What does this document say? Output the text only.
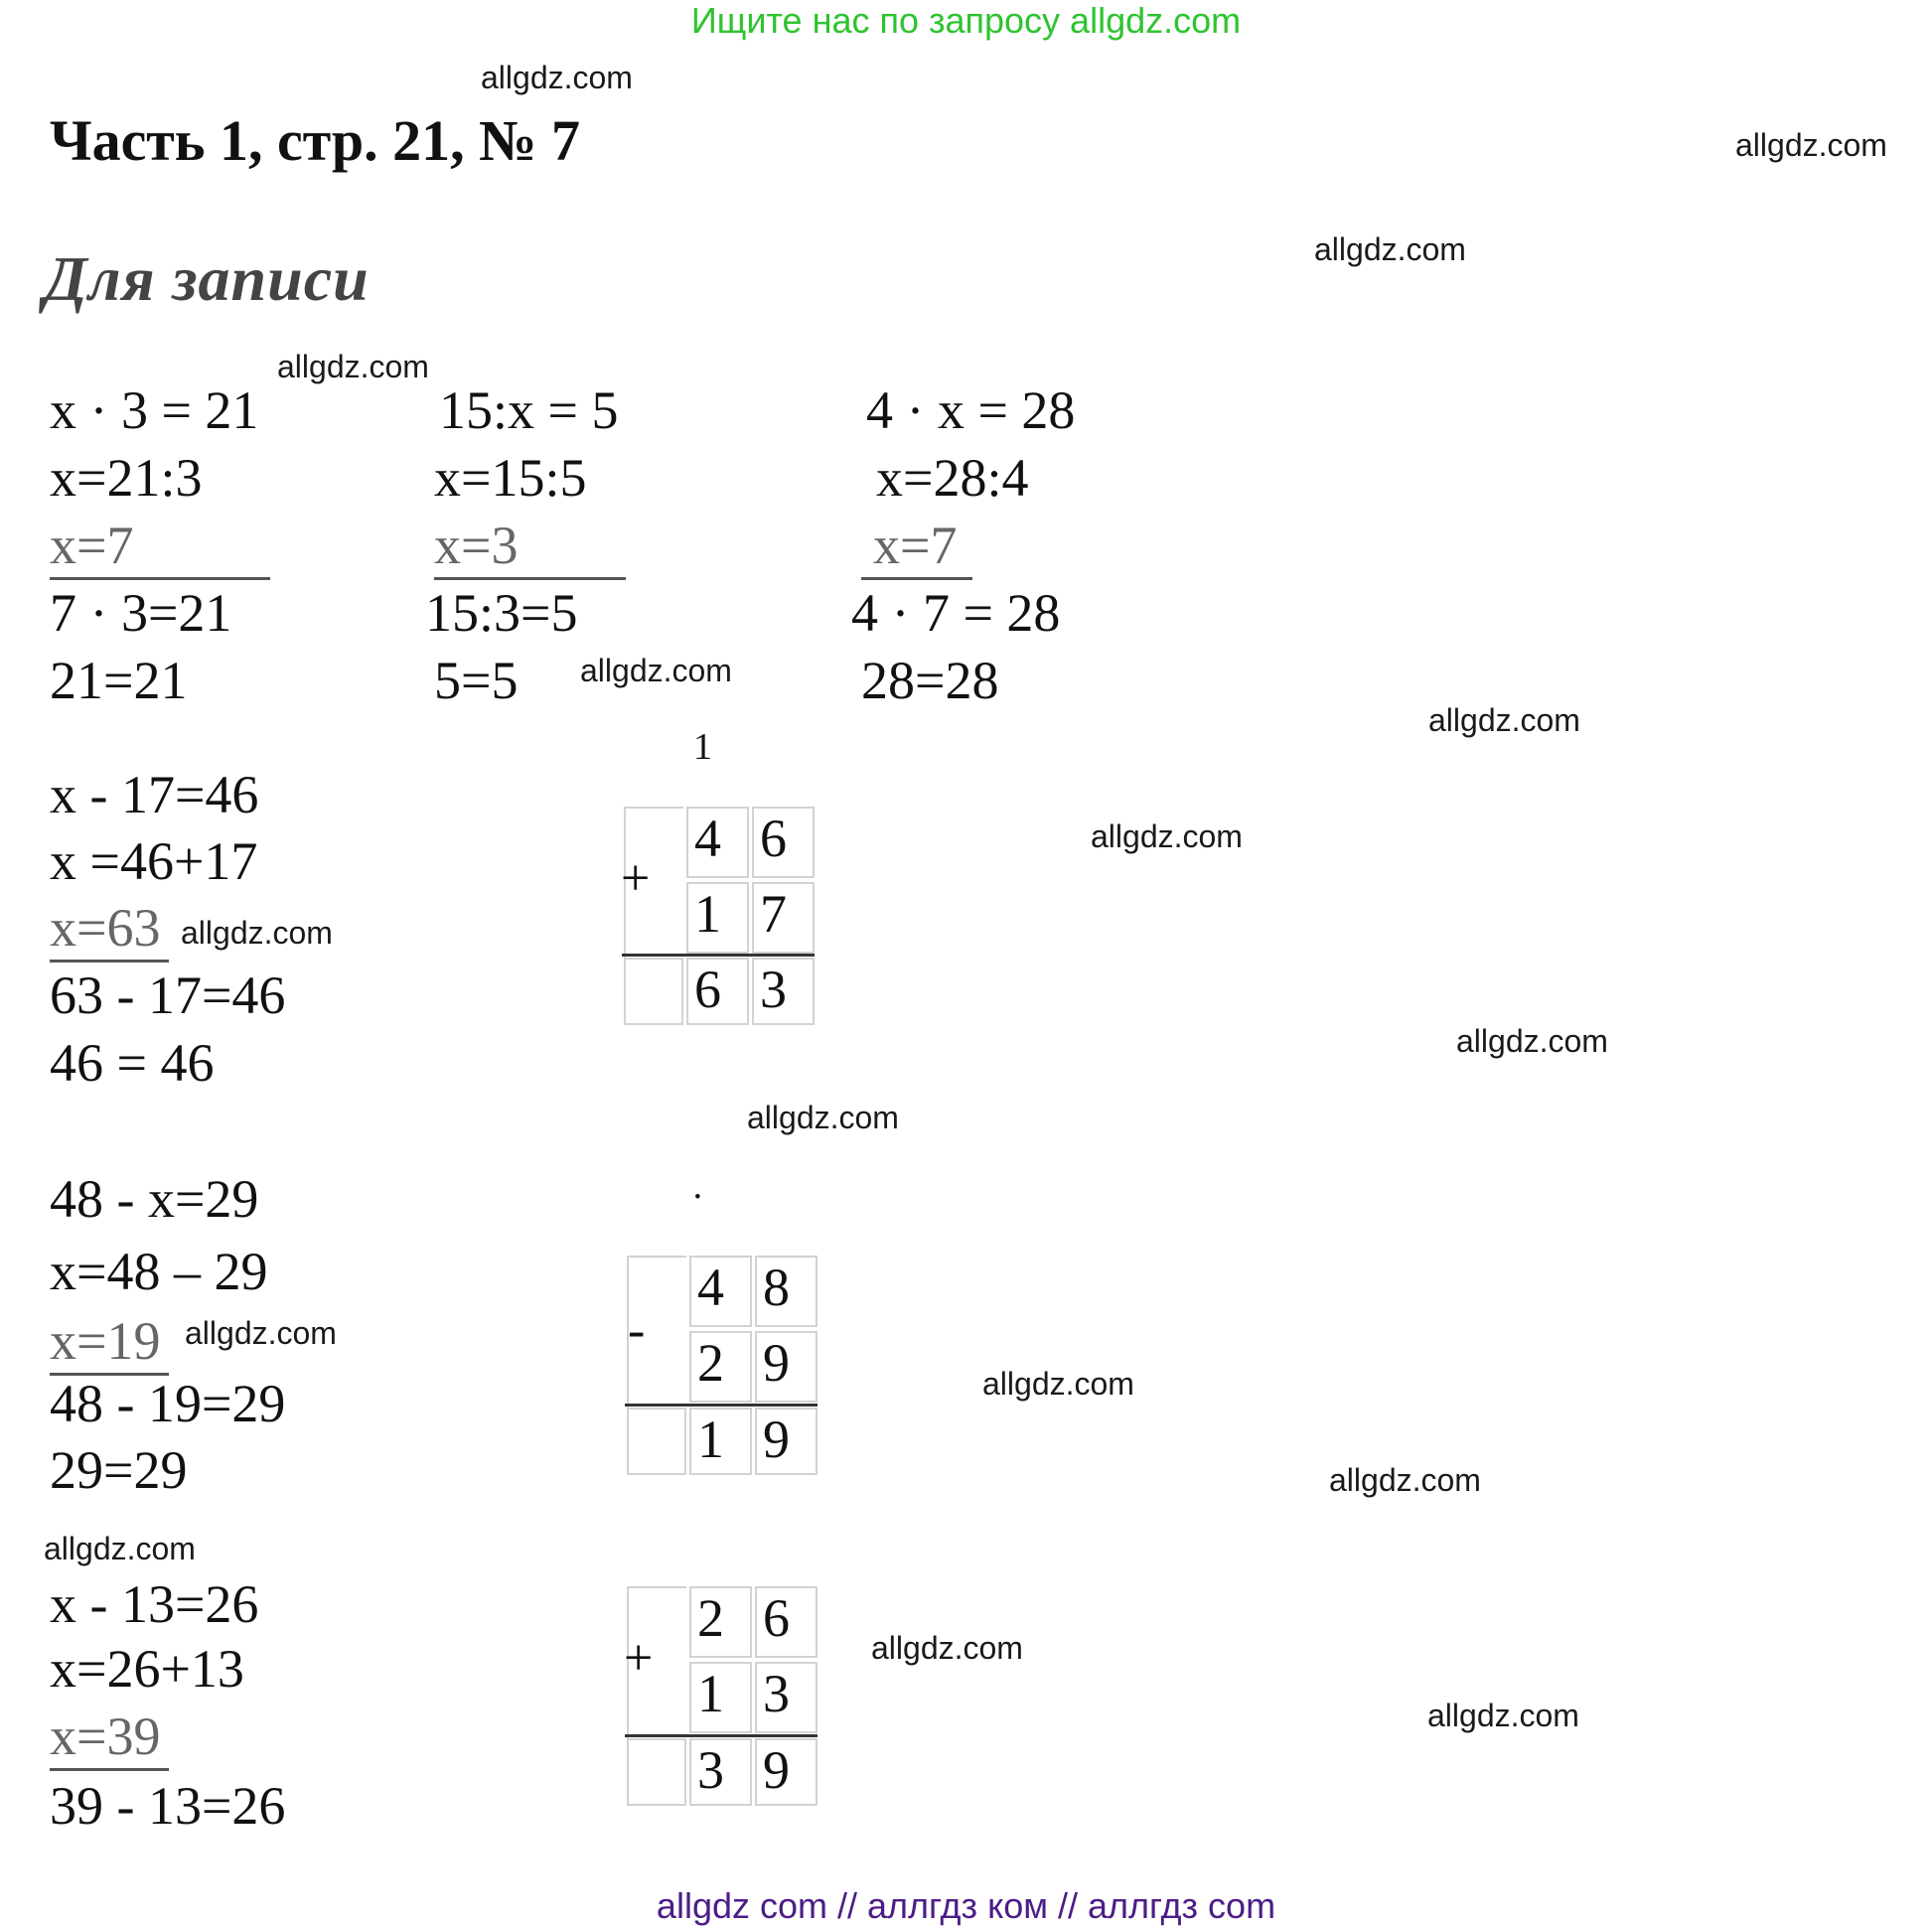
Ищите нас по запросу allgdz.com
allgdz.com
Часть 1, стр. 21, № 7	allgdz.com
allgdz.com
Для записи
allgdz.com
x · 3 = 21
x=21:3
x=7
7 · 3=21
21=21
15:x = 5
x=15:5
x=3
15:3=5
5=5 allgdz.com
4 · x = 28
x=28:4
x=7
4 · 7 = 28
28=28
allgdz.com
1
x - 17=46
x =46+17
x=63 allgdz.com
63 - 17=46
46 = 46
+
4 6
1 7
6 3
allgdz.com
allgdz.com
allgdz.com
·
48 - x=29
x=48 – 29
x=19 allgdz.com
48 - 19=29
29=29
-
4 8
2 9
1 9
allgdz.com
allgdz.com
allgdz.com
x - 13=26
x=26+13
x=39
39 - 13=26
+
2 6
1 3
3 9
allgdz.com
allgdz.com
allgdz com // аллгдз ком // аллгдз com
